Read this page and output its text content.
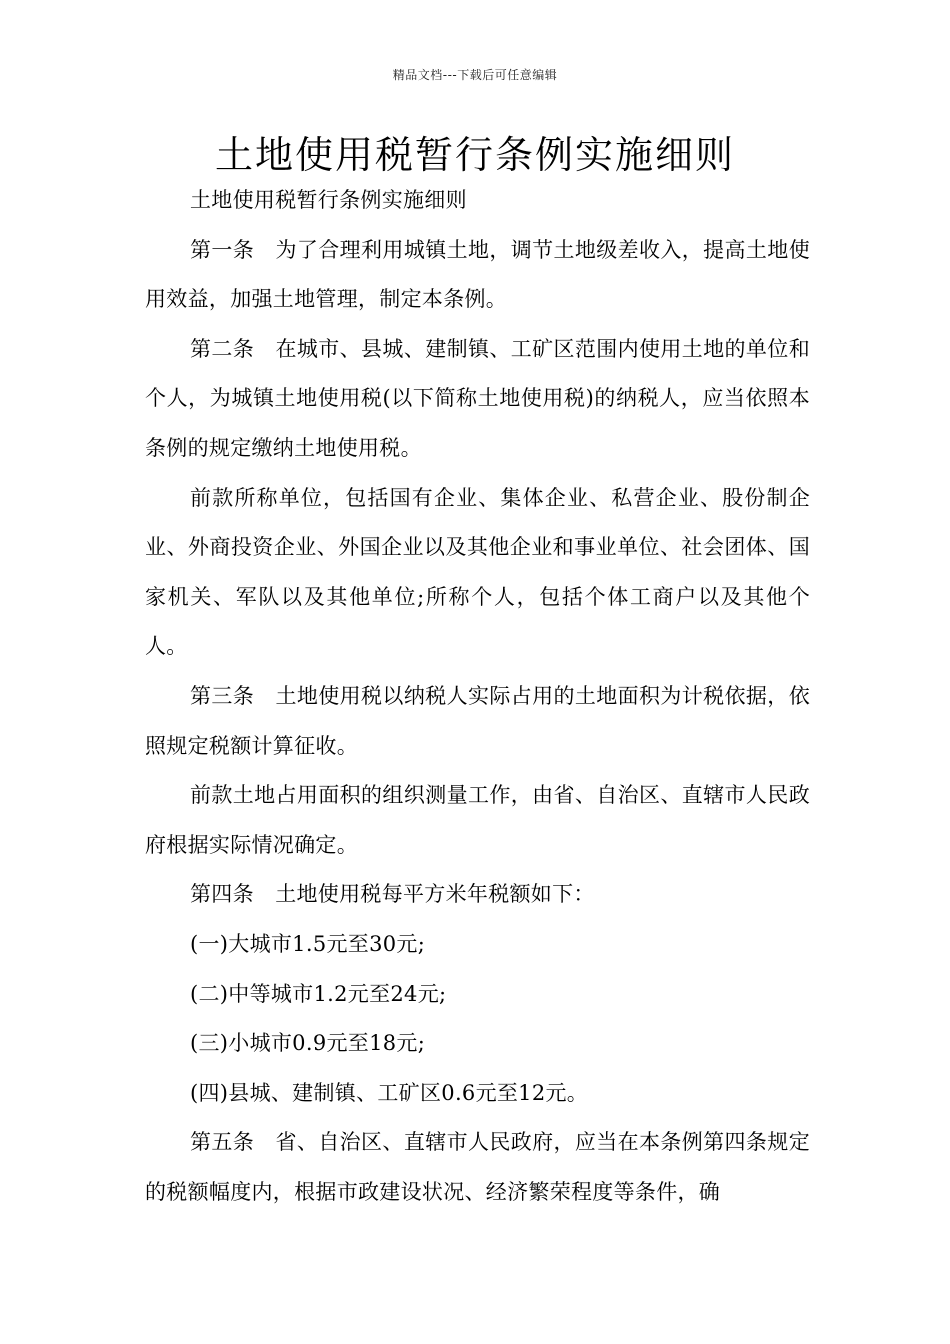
精品文档---下载后可任意编辑
土地使用税暂行条例实施细则

土地使用税暂行条例实施细则

第一条　为了合理利用城镇土地，调节土地级差收入，提高土地使用效益，加强土地管理，制定本条例。

第二条　在城市、县城、建制镇、工矿区范围内使用土地的单位和个人，为城镇土地使用税(以下简称土地使用税)的纳税人，应当依照本条例的规定缴纳土地使用税。

前款所称单位，包括国有企业、集体企业、私营企业、股份制企业、外商投资企业、外国企业以及其他企业和事业单位、社会团体、国家机关、军队以及其他单位;所称个人，包括个体工商户以及其他个人。

第三条　土地使用税以纳税人实际占用的土地面积为计税依据，依照规定税额计算征收。

前款土地占用面积的组织测量工作，由省、自治区、直辖市人民政府根据实际情况确定。

第四条　土地使用税每平方米年税额如下：

(一)大城市1.5元至30元;

(二)中等城市1.2元至24元;

(三)小城市0.9元至18元;

(四)县城、建制镇、工矿区0.6元至12元。

第五条　省、自治区、直辖市人民政府，应当在本条例第四条规定的税额幅度内，根据市政建设状况、经济繁荣程度等条件，确
